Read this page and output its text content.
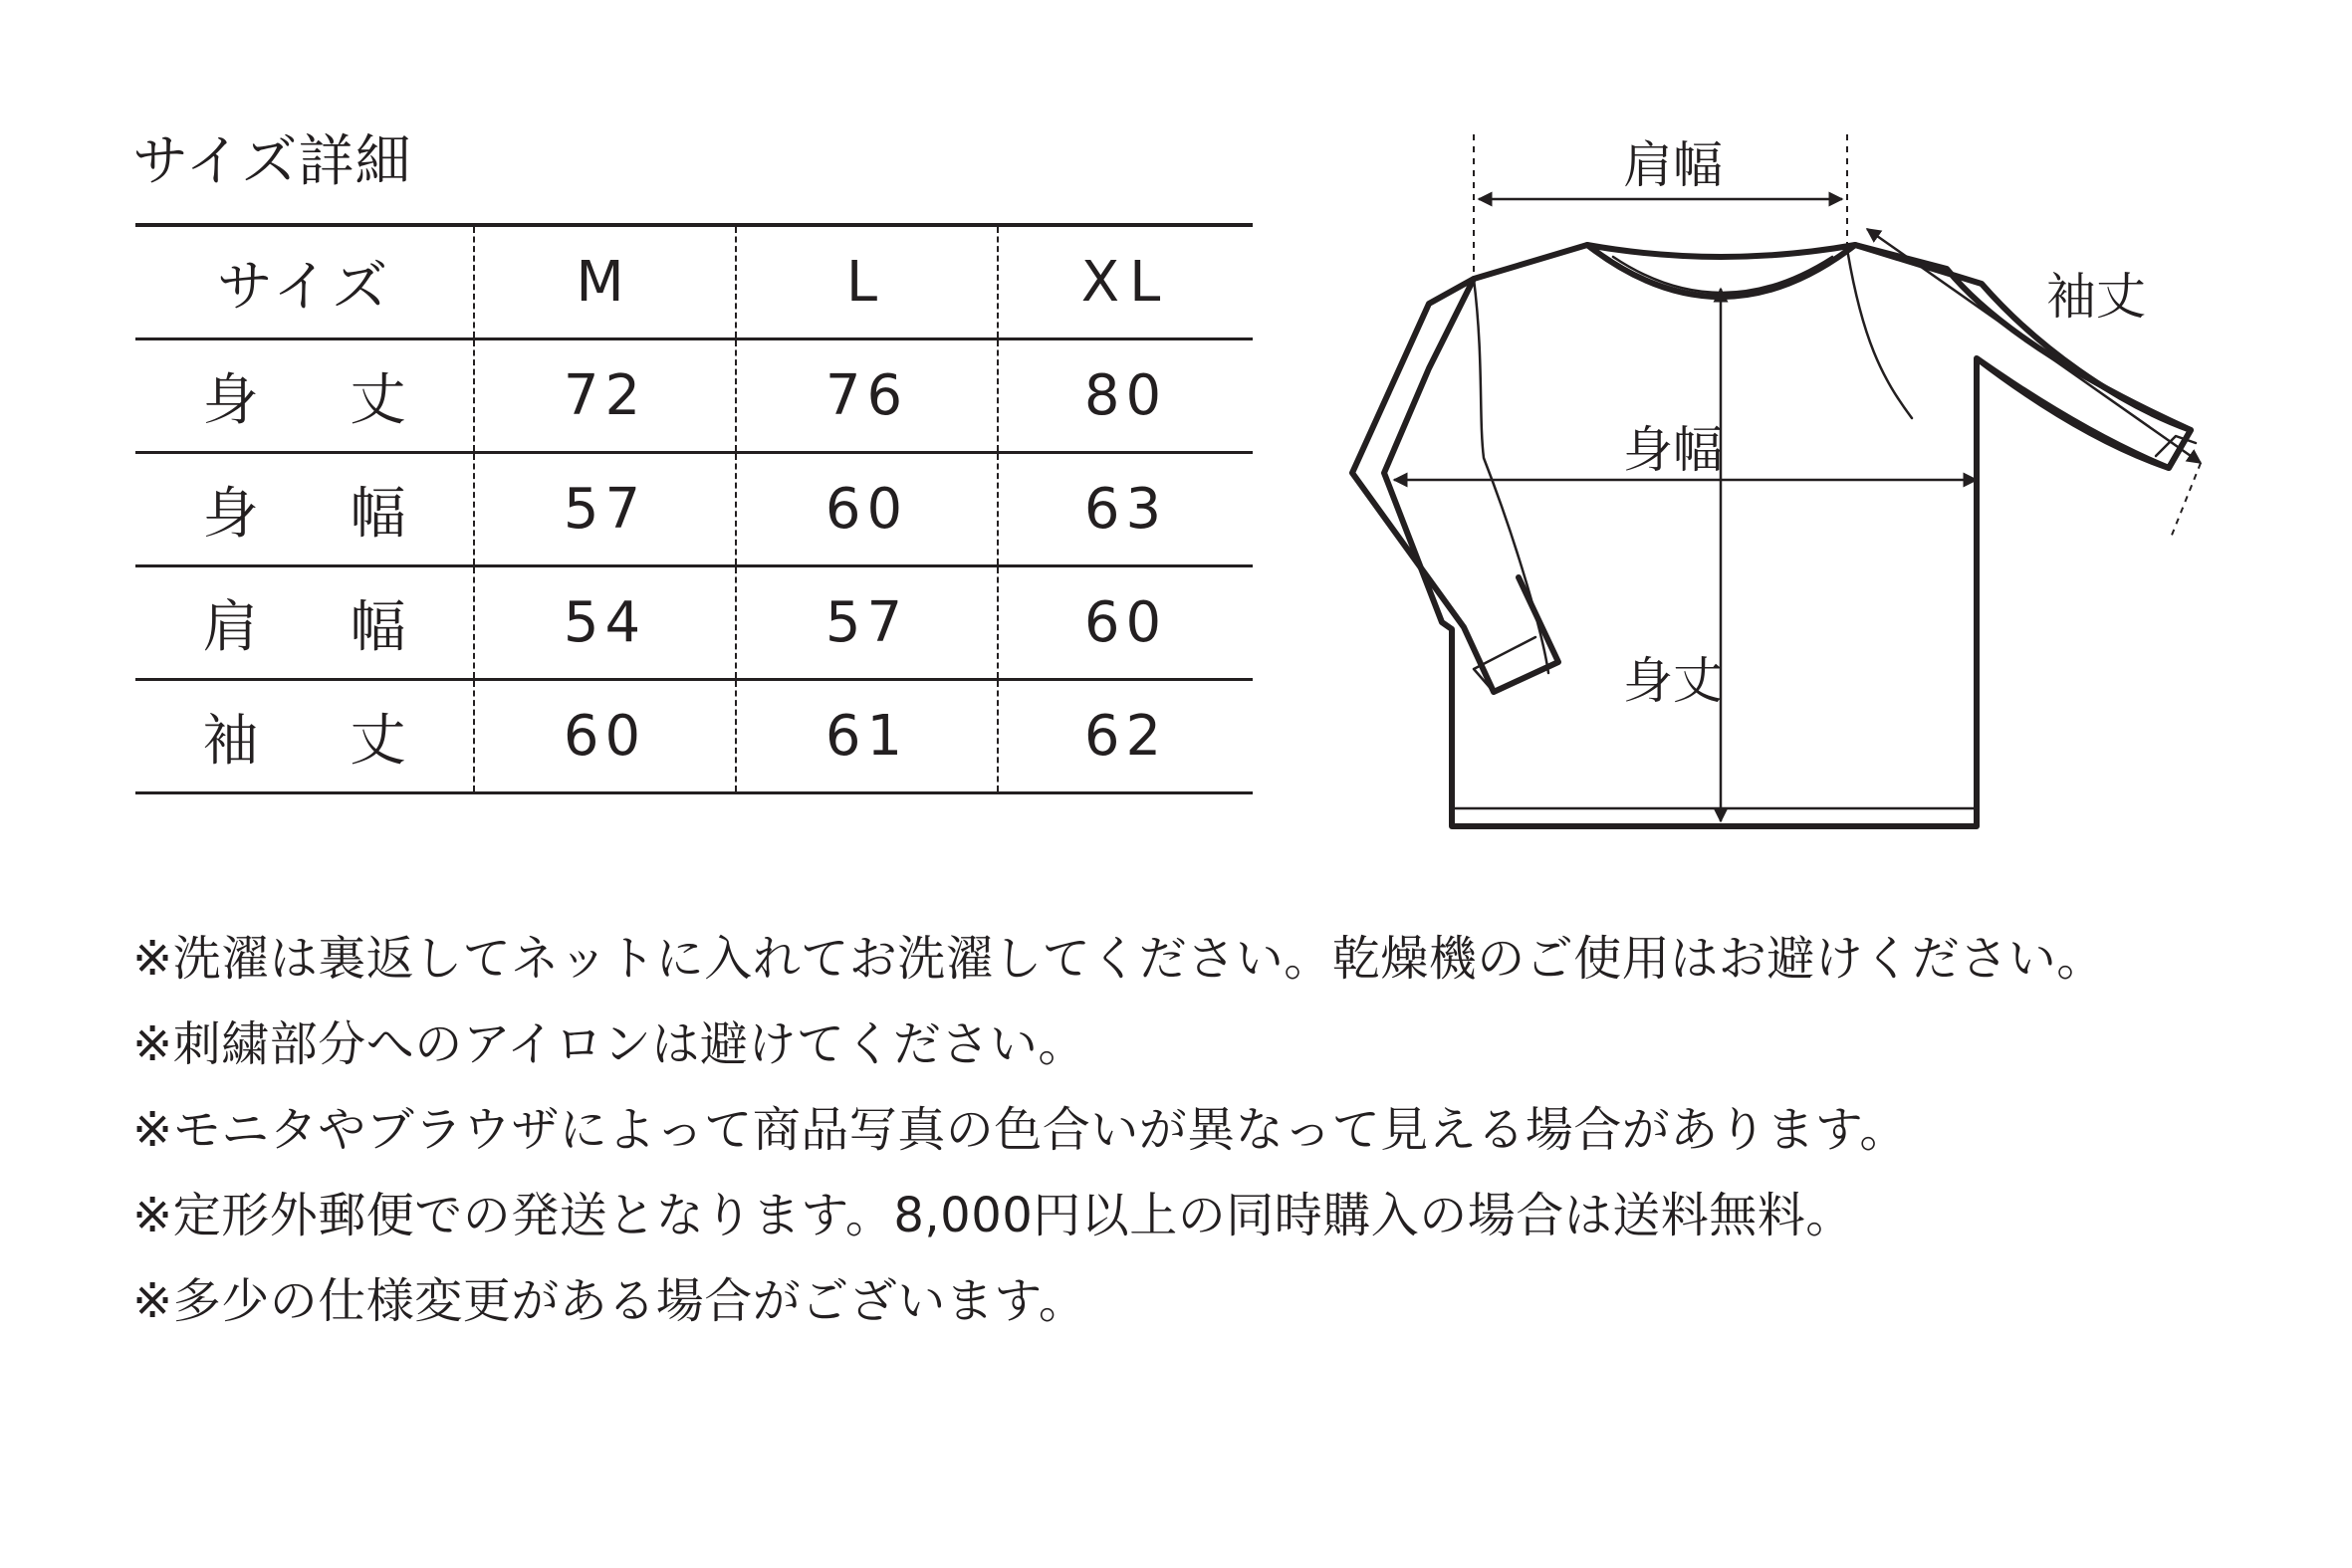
サイズ詳細
サイズ	M	L	XL
身 丈	72	76	80
身 幅	57	60	63
肩 幅	54	57	60
袖 丈	60	61	62
肩幅
袖丈
身幅
身丈
※洗濯は裏返してネットに入れてお洗濯してください。乾燥機のご使用はお避けください。
※刺繍部分へのアイロンは避けてください。
※モニタやブラウザによって商品写真の色合いが異なって見える場合があります。
※定形外郵便での発送となります。8,000円以上の同時購入の場合は送料無料。
※多少の仕様変更がある場合がございます。
